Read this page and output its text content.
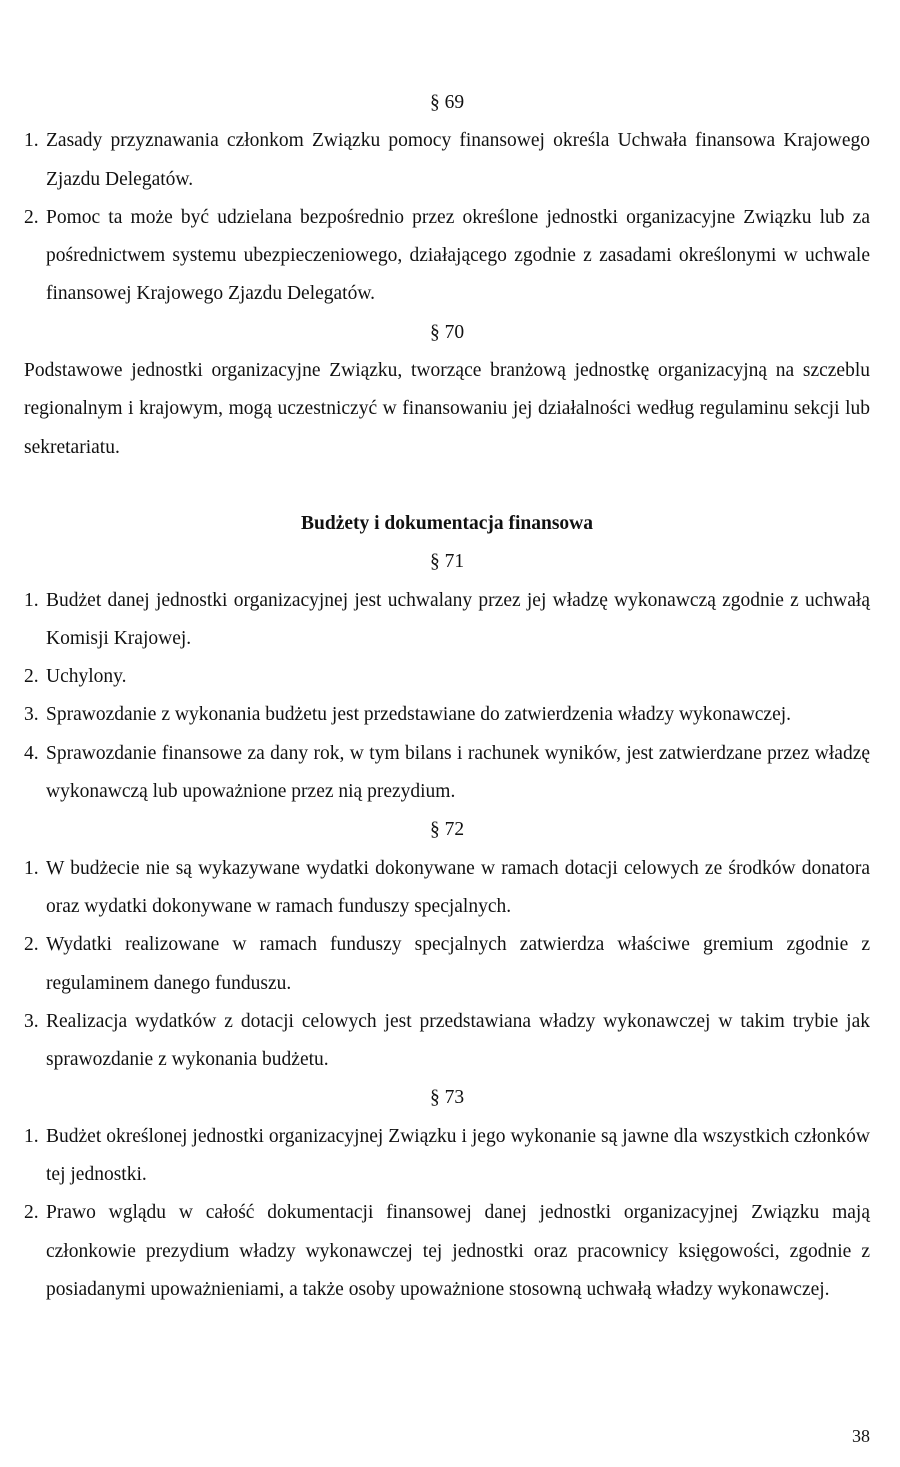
§ 69

1. Zasady przyznawania członkom Związku pomocy finansowej określa Uchwała finansowa Krajowego Zjazdu Delegatów.
2. Pomoc ta może być udzielana bezpośrednio przez określone jednostki organizacyjne Związku lub za pośrednictwem systemu ubezpieczeniowego, działającego zgodnie z zasadami określonymi w uchwale finansowej Krajowego Zjazdu Delegatów.

§ 70

Podstawowe jednostki organizacyjne Związku, tworzące branżową jednostkę organizacyjną na szczeblu regionalnym i krajowym, mogą uczestniczyć w finansowaniu jej działalności według regulaminu sekcji lub sekretariatu.

Budżety i dokumentacja finansowa

§ 71

1. Budżet danej jednostki organizacyjnej jest uchwalany przez jej władzę wykonawczą zgodnie z uchwałą Komisji Krajowej.
2. Uchylony.
3. Sprawozdanie z wykonania budżetu jest przedstawiane do zatwierdzenia władzy wykonawczej.
4. Sprawozdanie finansowe za dany rok, w tym bilans i rachunek wyników, jest zatwierdzane przez władzę wykonawczą lub upoważnione przez nią prezydium.

§ 72

1. W budżecie nie są wykazywane wydatki dokonywane w ramach dotacji celowych ze środków donatora oraz wydatki dokonywane w ramach funduszy specjalnych.
2. Wydatki realizowane w ramach funduszy specjalnych zatwierdza właściwe gremium zgodnie z regulaminem danego funduszu.
3. Realizacja wydatków z dotacji celowych jest przedstawiana władzy wykonawczej w takim trybie jak sprawozdanie z wykonania budżetu.

§ 73

1. Budżet określonej jednostki organizacyjnej Związku i jego wykonanie są jawne dla wszystkich członków tej jednostki.
2. Prawo wglądu w całość dokumentacji finansowej danej jednostki organizacyjnej Związku mają członkowie prezydium władzy wykonawczej tej jednostki oraz pracownicy księgowości, zgodnie z posiadanymi upoważnieniami, a także osoby upoważnione stosowną uchwałą władzy wykonawczej.
38
